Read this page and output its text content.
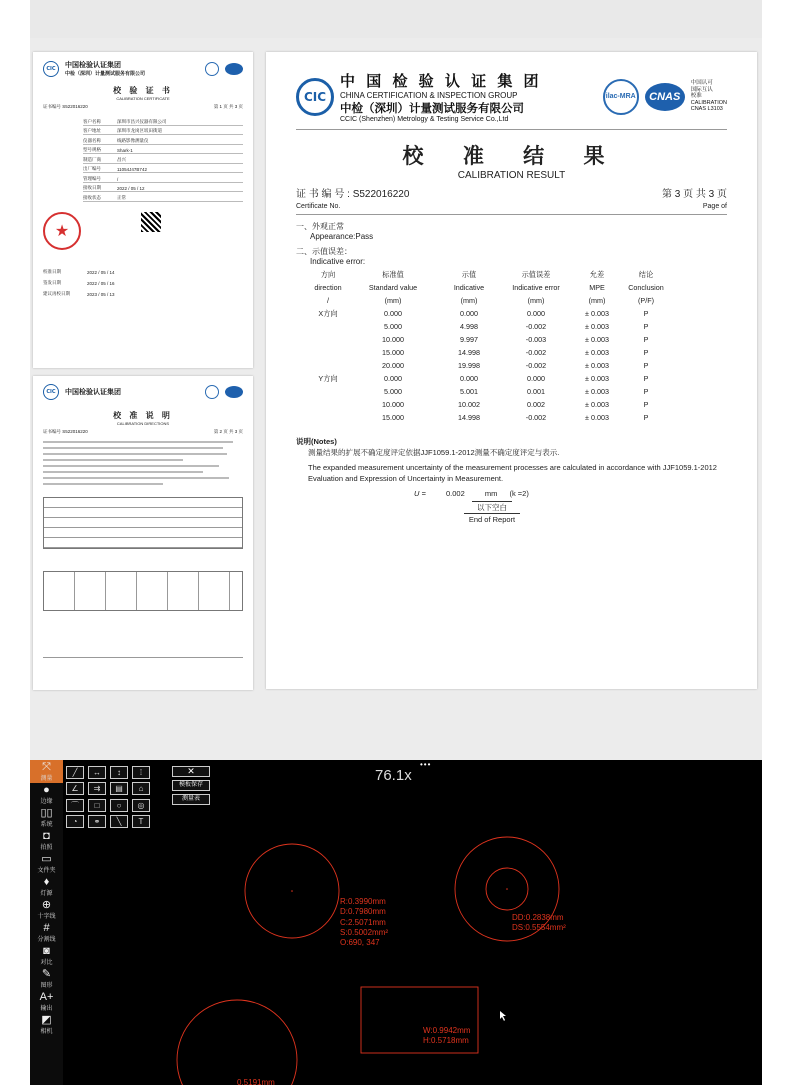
CIC	中国检验认证集团
中检（深圳）计量测试服务有限公司
校 验 证 书
CALIBRATION CERTIFICATE
证书编号 S522016220	第 1 页 共 3 页
客户名称	深圳市昌兴仪器有限公司
客户地址	深圳市龙岗区坂田街道
仪器名称	线路影像测量仪
型号规格	Shark-1
制造厂商	昌兴
出厂编号	11054J47B742
管理编号	/
接收日期	2022 / 05 / 12
接收状态	正常
★
校准日期	2022 / 05 / 14
签发日期	2022 / 05 / 16
建议再校日期	2023 / 05 / 13
CIC	中国检验认证集团
校 准 说 明
CALIBRATION DIRECTIONS
证书编号 S522016220	第 2 页 共 3 页
CIC
中 国 检 验 认 证 集 团
CHINA CERTIFICATION & INSPECTION GROUP
中检（深圳）计量测试服务有限公司
CCIC (Shenzhen) Metrology & Testing Service Co.,Ltd
ilac-MRA	CNAS
中国认可
国际互认
校准
CALIBRATION
CNAS L3103
校 准 结 果
CALIBRATION RESULT
证 书 编 号 : S522016220
Certificate No.
第 3 页 共 3 页
Page of
一、外观正常
Appearance:Pass
二、示值误差：
Indicative error:
方向	标准值	示值	示值误差	允差	结论
direction	Standard value	Indicative	Indicative error	MPE	Conclusion
/	(mm)	(mm)	(mm)	(mm)	(P/F)
X方向	0.000	0.000	0.000	± 0.003	P
	5.000	4.998	-0.002	± 0.003	P
	10.000	9.997	-0.003	± 0.003	P
	15.000	14.998	-0.002	± 0.003	P
	20.000	19.998	-0.002	± 0.003	P
Y方向	0.000	0.000	0.000	± 0.003	P
	5.000	5.001	0.001	± 0.003	P
	10.000	10.002	0.002	± 0.003	P
	15.000	14.998	-0.002	± 0.003	P
说明(Notes)
测量结果的扩展不确定度评定依据JJF1059.1-2012测量不确定度评定与表示.
The expanded measurement uncertainty of the measurement processes are calculated in accordance with JJF1059.1-2012 Evaluation and Expression of Uncertainty in Measurement.
U =	0.002	mm (k =2)
以下空白
End of Report
⤧
测量
●
边缘
▯▯
系统
◘
拍照
▭
文件夹
♦
灯源
⊕
十字线
#
分割线
◙
对比
✎
图形
A+
输出
◩
相机
╱	↔	↕	⁞
∠	⇉	▤	⌂
⌒	□	○	◎
◔	⚭	╲	T
✕
模板保存
测量表
•••
76.1x
R:0.3990mm
D:0.7980mm
C:2.5071mm
S:0.5002mm²
O:690, 347
DD:0.2838mm
DS:0.5554mm²
W:0.9942mm
H:0.5718mm
0.5191mm
